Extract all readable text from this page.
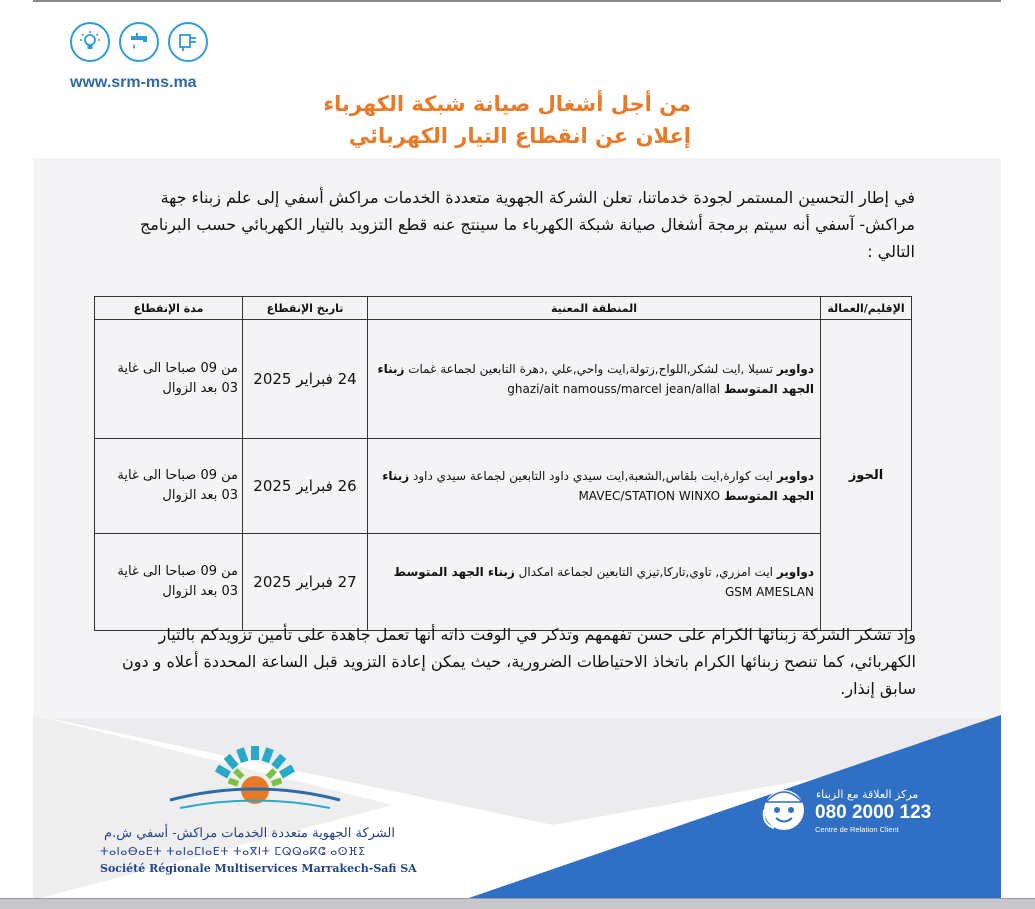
www.srm-ms.ma
من أجل أشغال صيانة شبكة الكهرباء
إعلان عن انقطاع التيار الكهربائي
في إطار التحسين المستمر لجودة خدماتنا، تعلن الشركة الجهوية متعددة الخدمات مراكش أسفي إلى علم زبناء جهة مراكش- آسفي أنه سيتم برمجة أشغال صيانة شبكة الكهرباء ما سينتج عنه قطع التزويد بالتيار الكهربائي حسب البرنامج التالي :
الإقليم/العمالة	المنطقة المعنية	تاريخ الإنقطاع	مدة الإنقطاع
الحوز	دواوير تسيلا ,ايت لشكر,اللواح,زتولة,ايت واحي,علي ,دهرة التابعين لجماعة غمات زبناء الجهد المتوسط ghazi/ait namouss/marcel jean/allal	24 فبراير 2025	من 09 صباحا الى غاية
03 بعد الزوال

	دواوير ايت كوارة,ايت بلقاس,الشعبة,ايت سيدي داود التابعين لجماعة سيدي داود زبناء الجهد المتوسط MAVEC/STATION WINXO	26 فبراير 2025	من 09 صباحا الى غاية
03 بعد الزوال

	دواوير ايت امزري, تاوي,تاركا,تيزي التابعين لجماعة امكدال زبناء الجهد المتوسط GSM AMESLAN	27 فبراير 2025	من 09 صباحا الى غاية
03 بعد الزوال
وإذ تشكر الشركة زبنائها الكرام على حسن تفهمهم وتذكر في الوقت ذاته أنها تعمل جاهدة على تأمين تزويدكم بالتيار الكهربائي، كما تنصح زبنائها الكرام باتخاذ الاحتياطات الضرورية، حيث يمكن إعادة التزويد قبل الساعة المحددة أعلاه و دون سابق إنذار.
الشركة الجهوية متعددة الخدمات مراكش- أسفي ش.م
ⵜⴰⵏⴰⴱⴰⴹⵜ ⵜⴰⵏⴰⵎⵏⴰⴹⵜ ⵜⴰⴳⵏⵜ ⵎⵕⵕⴰⴽⵛ ⴰⵙⴼⵉ
Société Régionale Multiservices Marrakech-Safi SA
مركز العلاقة مع الزبناء
080 2000 123
Centre de Relation Client
